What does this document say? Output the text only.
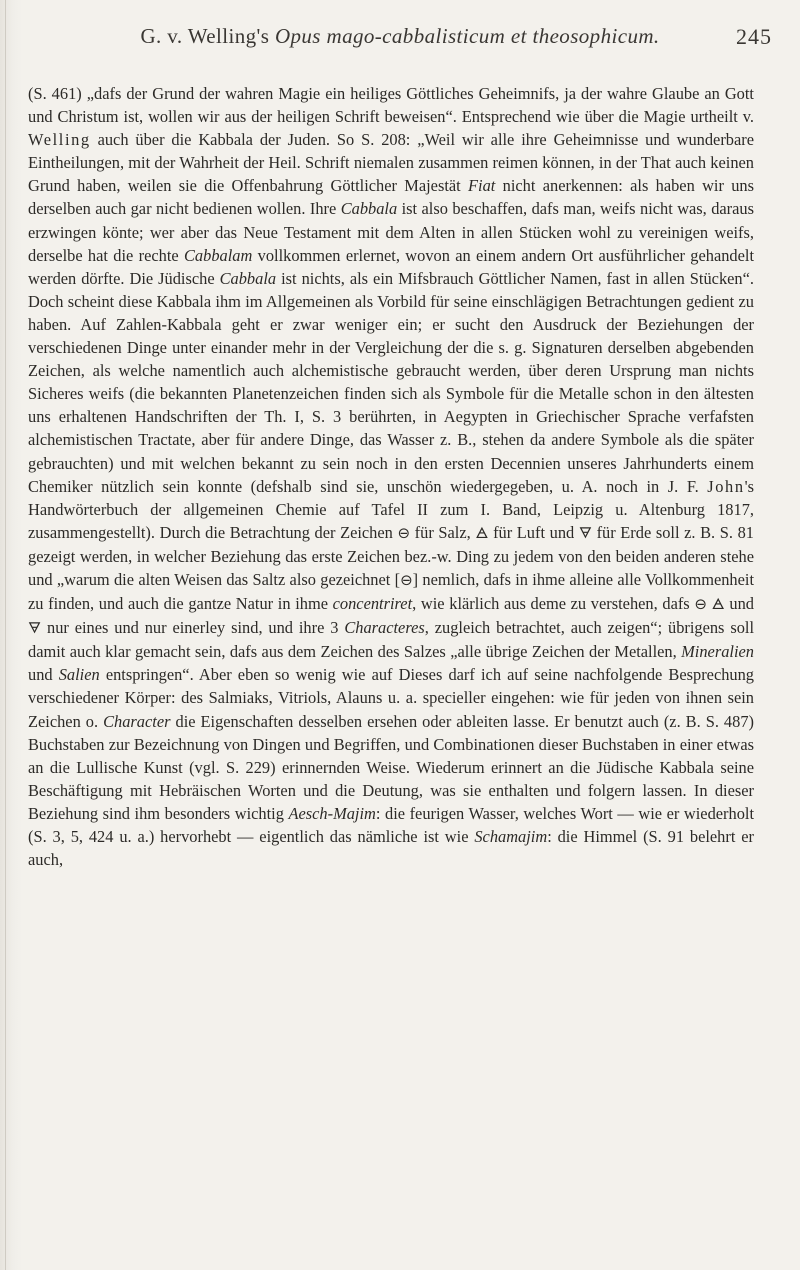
G. v. Welling's Opus mago-cabbalisticum et theosophicum.	245
(S. 461) „dafs der Grund der wahren Magie ein heiliges Göttliches Geheimnifs, ja der wahre Glaube an Gott und Christum ist, wollen wir aus der heiligen Schrift beweisen“. Entsprechend wie über die Magie urtheilt v. Welling auch über die Kabbala der Juden. So S. 208: „Weil wir alle ihre Geheimnisse und wunderbare Eintheilungen, mit der Wahrheit der Heil. Schrift niemalen zusammen reimen können, in der That auch keinen Grund haben, weilen sie die Offenbahrung Göttlicher Majestät Fiat nicht anerkennen: als haben wir uns derselben auch gar nicht bedienen wollen. Ihre Cabbala ist also beschaffen, dafs man, weifs nicht was, daraus erzwingen könte; wer aber das Neue Testament mit dem Alten in allen Stücken wohl zu vereinigen weifs, derselbe hat die rechte Cabbalam vollkommen erlernet, wovon an einem andern Ort ausführlicher gehandelt werden dörfte. Die Jüdische Cabbala ist nichts, als ein Mifsbrauch Göttlicher Namen, fast in allen Stücken“. Doch scheint diese Kabbala ihm im Allgemeinen als Vorbild für seine einschlägigen Betrachtungen gedient zu haben. Auf Zahlen-Kabbala geht er zwar weniger ein; er sucht den Ausdruck der Beziehungen der verschiedenen Dinge unter einander mehr in der Vergleichung der die s. g. Signaturen derselben abgebenden Zeichen, als welche namentlich auch alchemistische gebraucht werden, über deren Ursprung man nichts Sicheres weifs (die bekannten Planetenzeichen finden sich als Symbole für die Metalle schon in den ältesten uns erhaltenen Handschriften der Th. I, S. 3 berührten, in Aegypten in Griechischer Sprache verfafsten alchemistischen Tractate, aber für andere Dinge, das Wasser z. B., stehen da andere Symbole als die später gebrauchten) und mit welchen bekannt zu sein noch in den ersten Decennien unseres Jahrhunderts einem Chemiker nützlich sein konnte (defshalb sind sie, unschön wiedergegeben, u. A. noch in J. F. John's Handwörterbuch der allgemeinen Chemie auf Tafel II zum I. Band, Leipzig u. Altenburg 1817, zusammengestellt). Durch die Betrachtung der Zeichen ⊖ für Salz, 🜁 für Luft und 🜃 für Erde soll z. B. S. 81 gezeigt werden, in welcher Beziehung das erste Zeichen bez.-w. Ding zu jedem von den beiden anderen stehe und „warum die alten Weisen das Saltz also gezeichnet [⊖] nemlich, dafs in ihme alleine alle Vollkommenheit zu finden, und auch die gantze Natur in ihme concentriret, wie klärlich aus deme zu verstehen, dafs ⊖ 🜁 und 🜃 nur eines und nur einerley sind, und ihre 3 Characteres, zugleich betrachtet, auch zeigen“; übrigens soll damit auch klar gemacht sein, dafs aus dem Zeichen des Salzes „alle übrige Zeichen der Metallen, Mineralien und Salien entspringen“. Aber eben so wenig wie auf Dieses darf ich auf seine nachfolgende Besprechung verschiedener Körper: des Salmiaks, Vitriols, Alauns u. a. specieller eingehen: wie für jeden von ihnen sein Zeichen o. Character die Eigenschaften desselben ersehen oder ableiten lasse. Er benutzt auch (z. B. S. 487) Buchstaben zur Bezeichnung von Dingen und Begriffen, und Combinationen dieser Buchstaben in einer etwas an die Lullische Kunst (vgl. S. 229) erinnernden Weise. Wiederum erinnert an die Jüdische Kabbala seine Beschäftigung mit Hebräischen Worten und die Deutung, was sie enthalten und folgern lassen. In dieser Beziehung sind ihm besonders wichtig Aesch-Majim: die feurigen Wasser, welches Wort — wie er wiederholt (S. 3, 5, 424 u. a.) hervorhebt — eigentlich das nämliche ist wie Schamajim: die Himmel (S. 91 belehrt er auch,
